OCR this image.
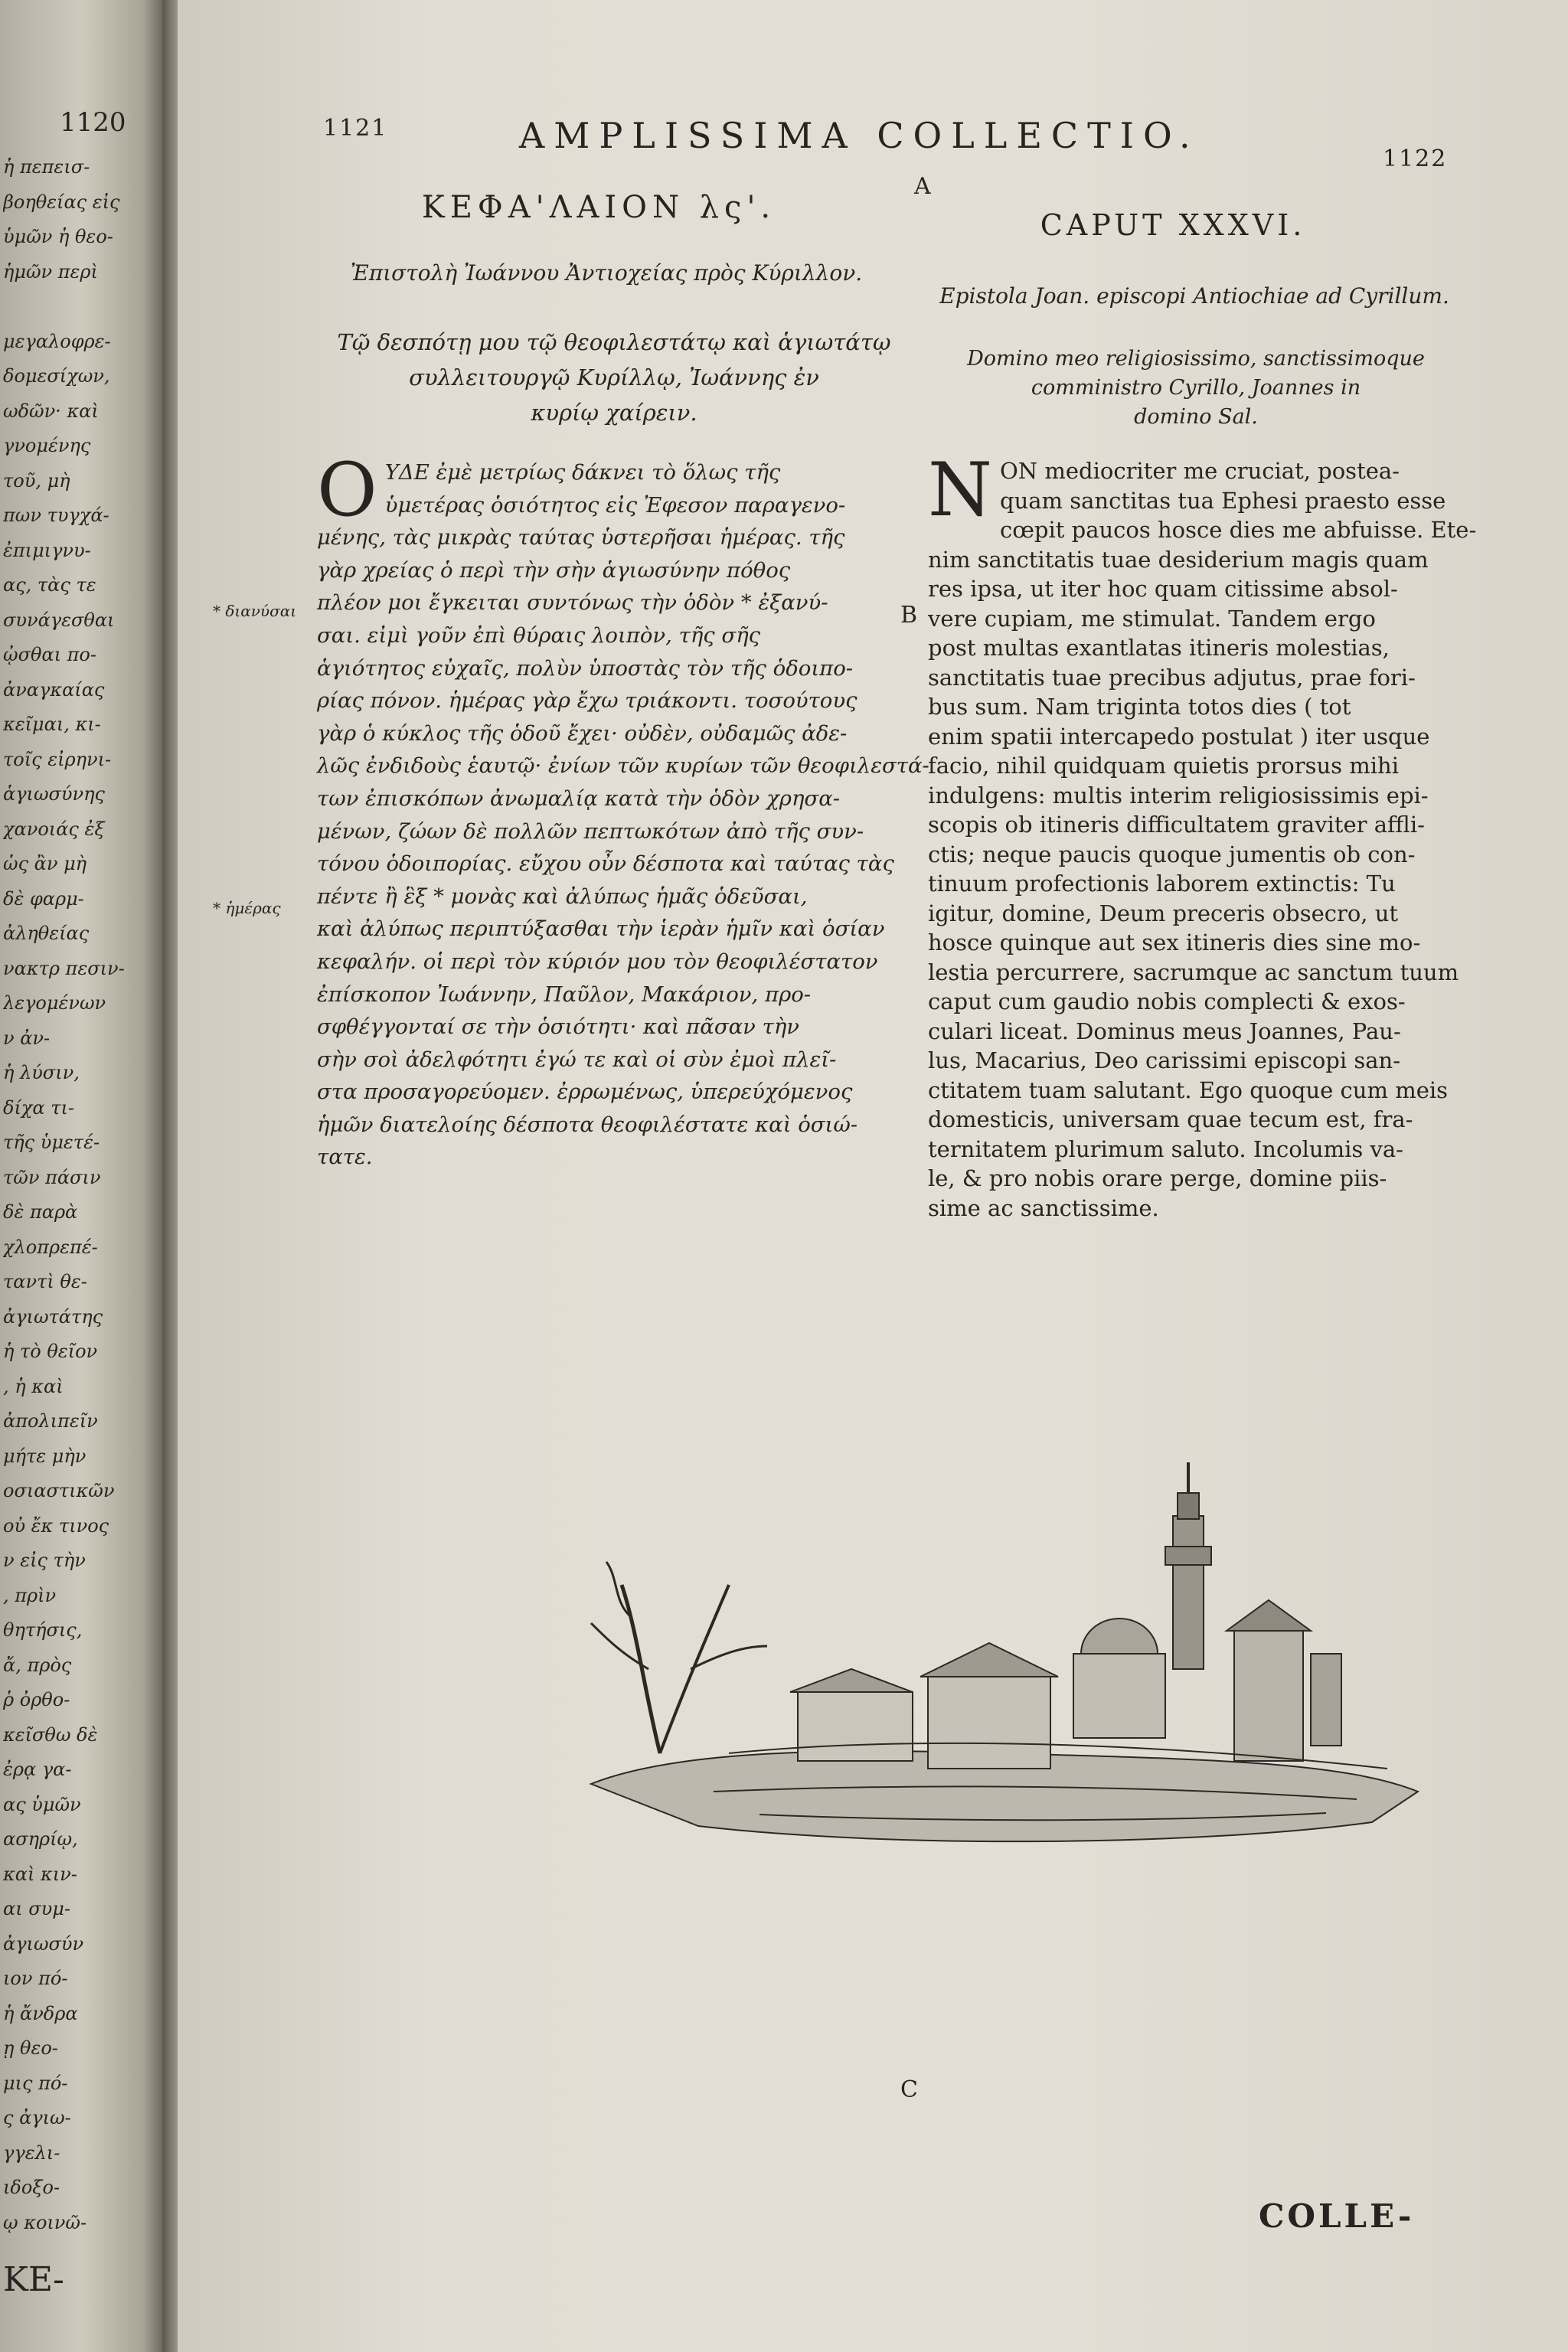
1120
ἡ πεπεισ-
βοηθείας εἰς
ὑμῶν ἡ θεο-
ἡμῶν περὶ
μεγαλοφρε-
δομεσίχων,
ωδῶν· καὶ
γνομένης
τοῦ, μὴ
πων τυγχά-
ἐπιμιγνυ-
ας, τὰς τε
συνάγεσθαι
ᾠσθαι πο-
ἀναγκαίας
κεῖμαι, κι-
τοῖς εἰρηνι-
ἁγιωσύνης
χανοιάς ἐξ
ὡς ἂν μὴ
δὲ φαρμ-
ἀληθείας
νακτρ πεσιν-
λεγομένων
ν ἀν-
ἡ λύσιν,
δίχα τι-
τῆς ὑμετέ-
τῶν πάσιν
δὲ παρὰ
χλοπρεπέ-
ταντὶ θε-
ἀγιωτάτης
ἡ τὸ θεῖον
, ἡ καὶ
ἀπολιπεῖν
μήτε μὴν
οσιαστικῶν
οὐ ἔκ τινος
ν εἰς τὴν
, πρὶν
θητήσις,
ἄ, πρὸς
ῥ ὀρθο-
κεῖσθω δὲ
ἐρᾳ γα-
ας ὑμῶν
ασηρίῳ,
καὶ κιν-
αι συμ-
ἀγιωσύν
ιον πό-
ἡ ἄνδρα
ῃ θεο-
μις πό-
ς ἀγιω-
γγελι-
ιδοξο-
ῳ κοινῶ-
ΚΕ-
1121	AMPLISSIMA COLLECTIO.
1122
A
ΚΕΦΑ'ΛΑΙΟΝ λς'.	CAPUT XXXVI.
Ἐπιστολὴ Ἰωάννου Ἀντιοχείας πρὸς Κύριλλον.
Epistola Joan. episcopi Antiochiae ad Cyrillum.
Τῷ δεσπότῃ μου τῷ θεοφιλεστάτῳ καὶ ἁγιωτάτῳ
συλλειτουργῷ Κυρίλλῳ, Ἰωάννης ἐν
κυρίῳ χαίρειν.
Domino meo religiosissimo, sanctissimoque
comministro Cyrillo, Joannes in
domino Sal.
* διανύσαι
* ἡμέρας
B
C
O ΥΔΕ ἐμὲ μετρίως δάκνει τὸ ὅλως τῆς
ὑμετέρας ὁσιότητος εἰς Ἐφεσον παραγενο-
μένης, τὰς μικρὰς ταύτας ὑστερῆσαι ἡμέρας. τῆς
γὰρ χρείας ὁ περὶ τὴν σὴν ἁγιωσύνην πόθος
πλέον μοι ἔγκειται συντόνως τὴν ὁδὸν * ἐξανύ-
σαι. εἰμὶ γοῦν ἐπὶ θύραις λοιπὸν, τῆς σῆς
ἁγιότητος εὐχαῖς, πολὺν ὑποστὰς τὸν τῆς ὁδοιπο-
ρίας πόνον. ἡμέρας γὰρ ἔχω τριάκοντι. τοσούτους
γὰρ ὁ κύκλος τῆς ὁδοῦ ἔχει· οὐδὲν, οὐδαμῶς ἀδε-
λῶς ἐνδιδοὺς ἑαυτῷ· ἐνίων τῶν κυρίων τῶν θεοφιλεστά-
των ἐπισκόπων ἀνωμαλίᾳ κατὰ τὴν ὁδὸν χρησα-
μένων, ζώων δὲ πολλῶν πεπτωκότων ἀπὸ τῆς συν-
τόνου ὁδοιπορίας. εὔχου οὖν δέσποτα καὶ ταύτας τὰς
πέντε ἢ ἓξ * μονὰς καὶ ἀλύπως ἡμᾶς ὁδεῦσαι,
καὶ ἀλύπως περιπτύξασθαι τὴν ἱερὰν ἡμῖν καὶ ὁσίαν
κεφαλήν. οἱ περὶ τὸν κύριόν μου τὸν θεοφιλέστατον
ἐπίσκοπον Ἰωάννην, Παῦλον, Μακάριον, προ-
σφθέγγονταί σε τὴν ὁσιότητι· καὶ πᾶσαν τὴν
σὴν σοὶ ἀδελφότητι ἐγώ τε καὶ οἱ σὺν ἐμοὶ πλεῖ-
στα προσαγορεύομεν. ἐρρωμένως, ὑπερεύχόμενος
ἡμῶν διατελοίης δέσποτα θεοφιλέστατε καὶ ὁσιώ-
τατε.
N ON mediocriter me cruciat, postea-
quam sanctitas tua Ephesi praesto esse
cœpit paucos hosce dies me abfuisse. Ete-
nim sanctitatis tuae desiderium magis quam
res ipsa, ut iter hoc quam citissime absol-
vere cupiam, me stimulat. Tandem ergo
post multas exantlatas itineris molestias,
sanctitatis tuae precibus adjutus, prae fori-
bus sum. Nam triginta totos dies ( tot
enim spatii intercapedo postulat ) iter usque
facio, nihil quidquam quietis prorsus mihi
indulgens: multis interim religiosissimis epi-
scopis ob itineris difficultatem graviter affli-
ctis; neque paucis quoque jumentis ob con-
tinuum profectionis laborem extinctis: Tu
igitur, domine, Deum preceris obsecro, ut
hosce quinque aut sex itineris dies sine mo-
lestia percurrere, sacrumque ac sanctum tuum
caput cum gaudio nobis complecti & exos-
culari liceat. Dominus meus Joannes, Pau-
lus, Macarius, Deo carissimi episcopi san-
ctitatem tuam salutant. Ego quoque cum meis
domesticis, universam quae tecum est, fra-
ternitatem plurimum saluto. Incolumis va-
le, & pro nobis orare perge, domine piis-
sime ac sanctissime.
COLLE-
